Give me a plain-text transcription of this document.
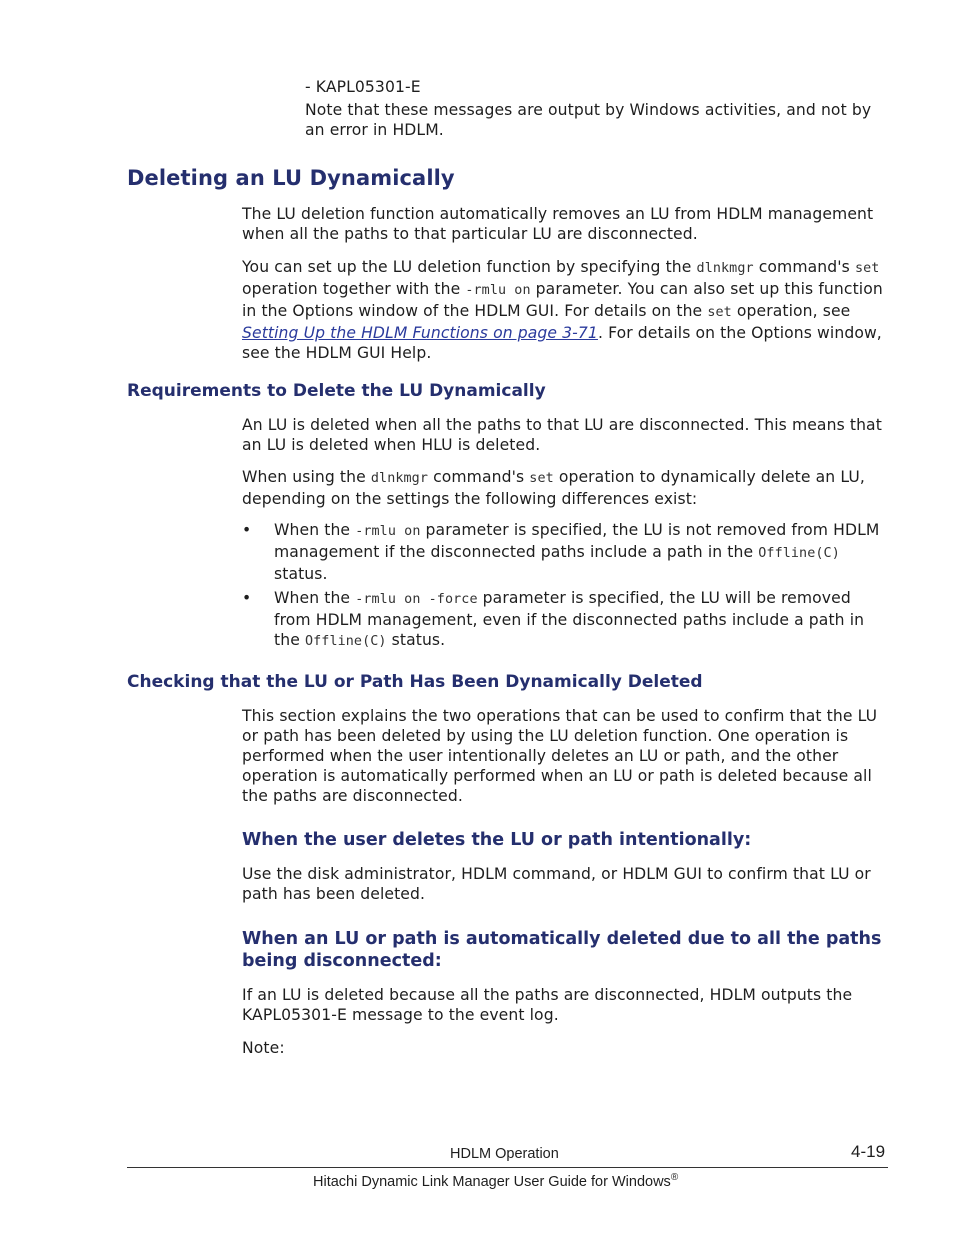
- KAPL05301-E

Note that these messages are output by Windows activities, and not by an error in HDLM.

Deleting an LU Dynamically

The LU deletion function automatically removes an LU from HDLM management when all the paths to that particular LU are disconnected.

You can set up the LU deletion function by specifying the dlnkmgr command's set operation together with the -rmlu on parameter. You can also set up this function in the Options window of the HDLM GUI. For details on the set operation, see Setting Up the HDLM Functions on page 3-71. For details on the Options window, see the HDLM GUI Help.

Requirements to Delete the LU Dynamically

An LU is deleted when all the paths to that LU are disconnected. This means that an LU is deleted when HLU is deleted.

When using the dlnkmgr command's set operation to dynamically delete an LU, depending on the settings the following differences exist:

• When the -rmlu on parameter is specified, the LU is not removed from HDLM management if the disconnected paths include a path in the Offline(C) status.
• When the -rmlu on -force parameter is specified, the LU will be removed from HDLM management, even if the disconnected paths include a path in the Offline(C) status.
Checking that the LU or Path Has Been Dynamically Deleted

This section explains the two operations that can be used to confirm that the LU or path has been deleted by using the LU deletion function. One operation is performed when the user intentionally deletes an LU or path, and the other operation is automatically performed when an LU or path is deleted because all the paths are disconnected.

When the user deletes the LU or path intentionally:

Use the disk administrator, HDLM command, or HDLM GUI to confirm that LU or path has been deleted.

When an LU or path is automatically deleted due to all the paths being disconnected:

If an LU is deleted because all the paths are disconnected, HDLM outputs the KAPL05301-E message to the event log.

Note:

HDLM Operation	4-19
Hitachi Dynamic Link Manager User Guide for Windows®
